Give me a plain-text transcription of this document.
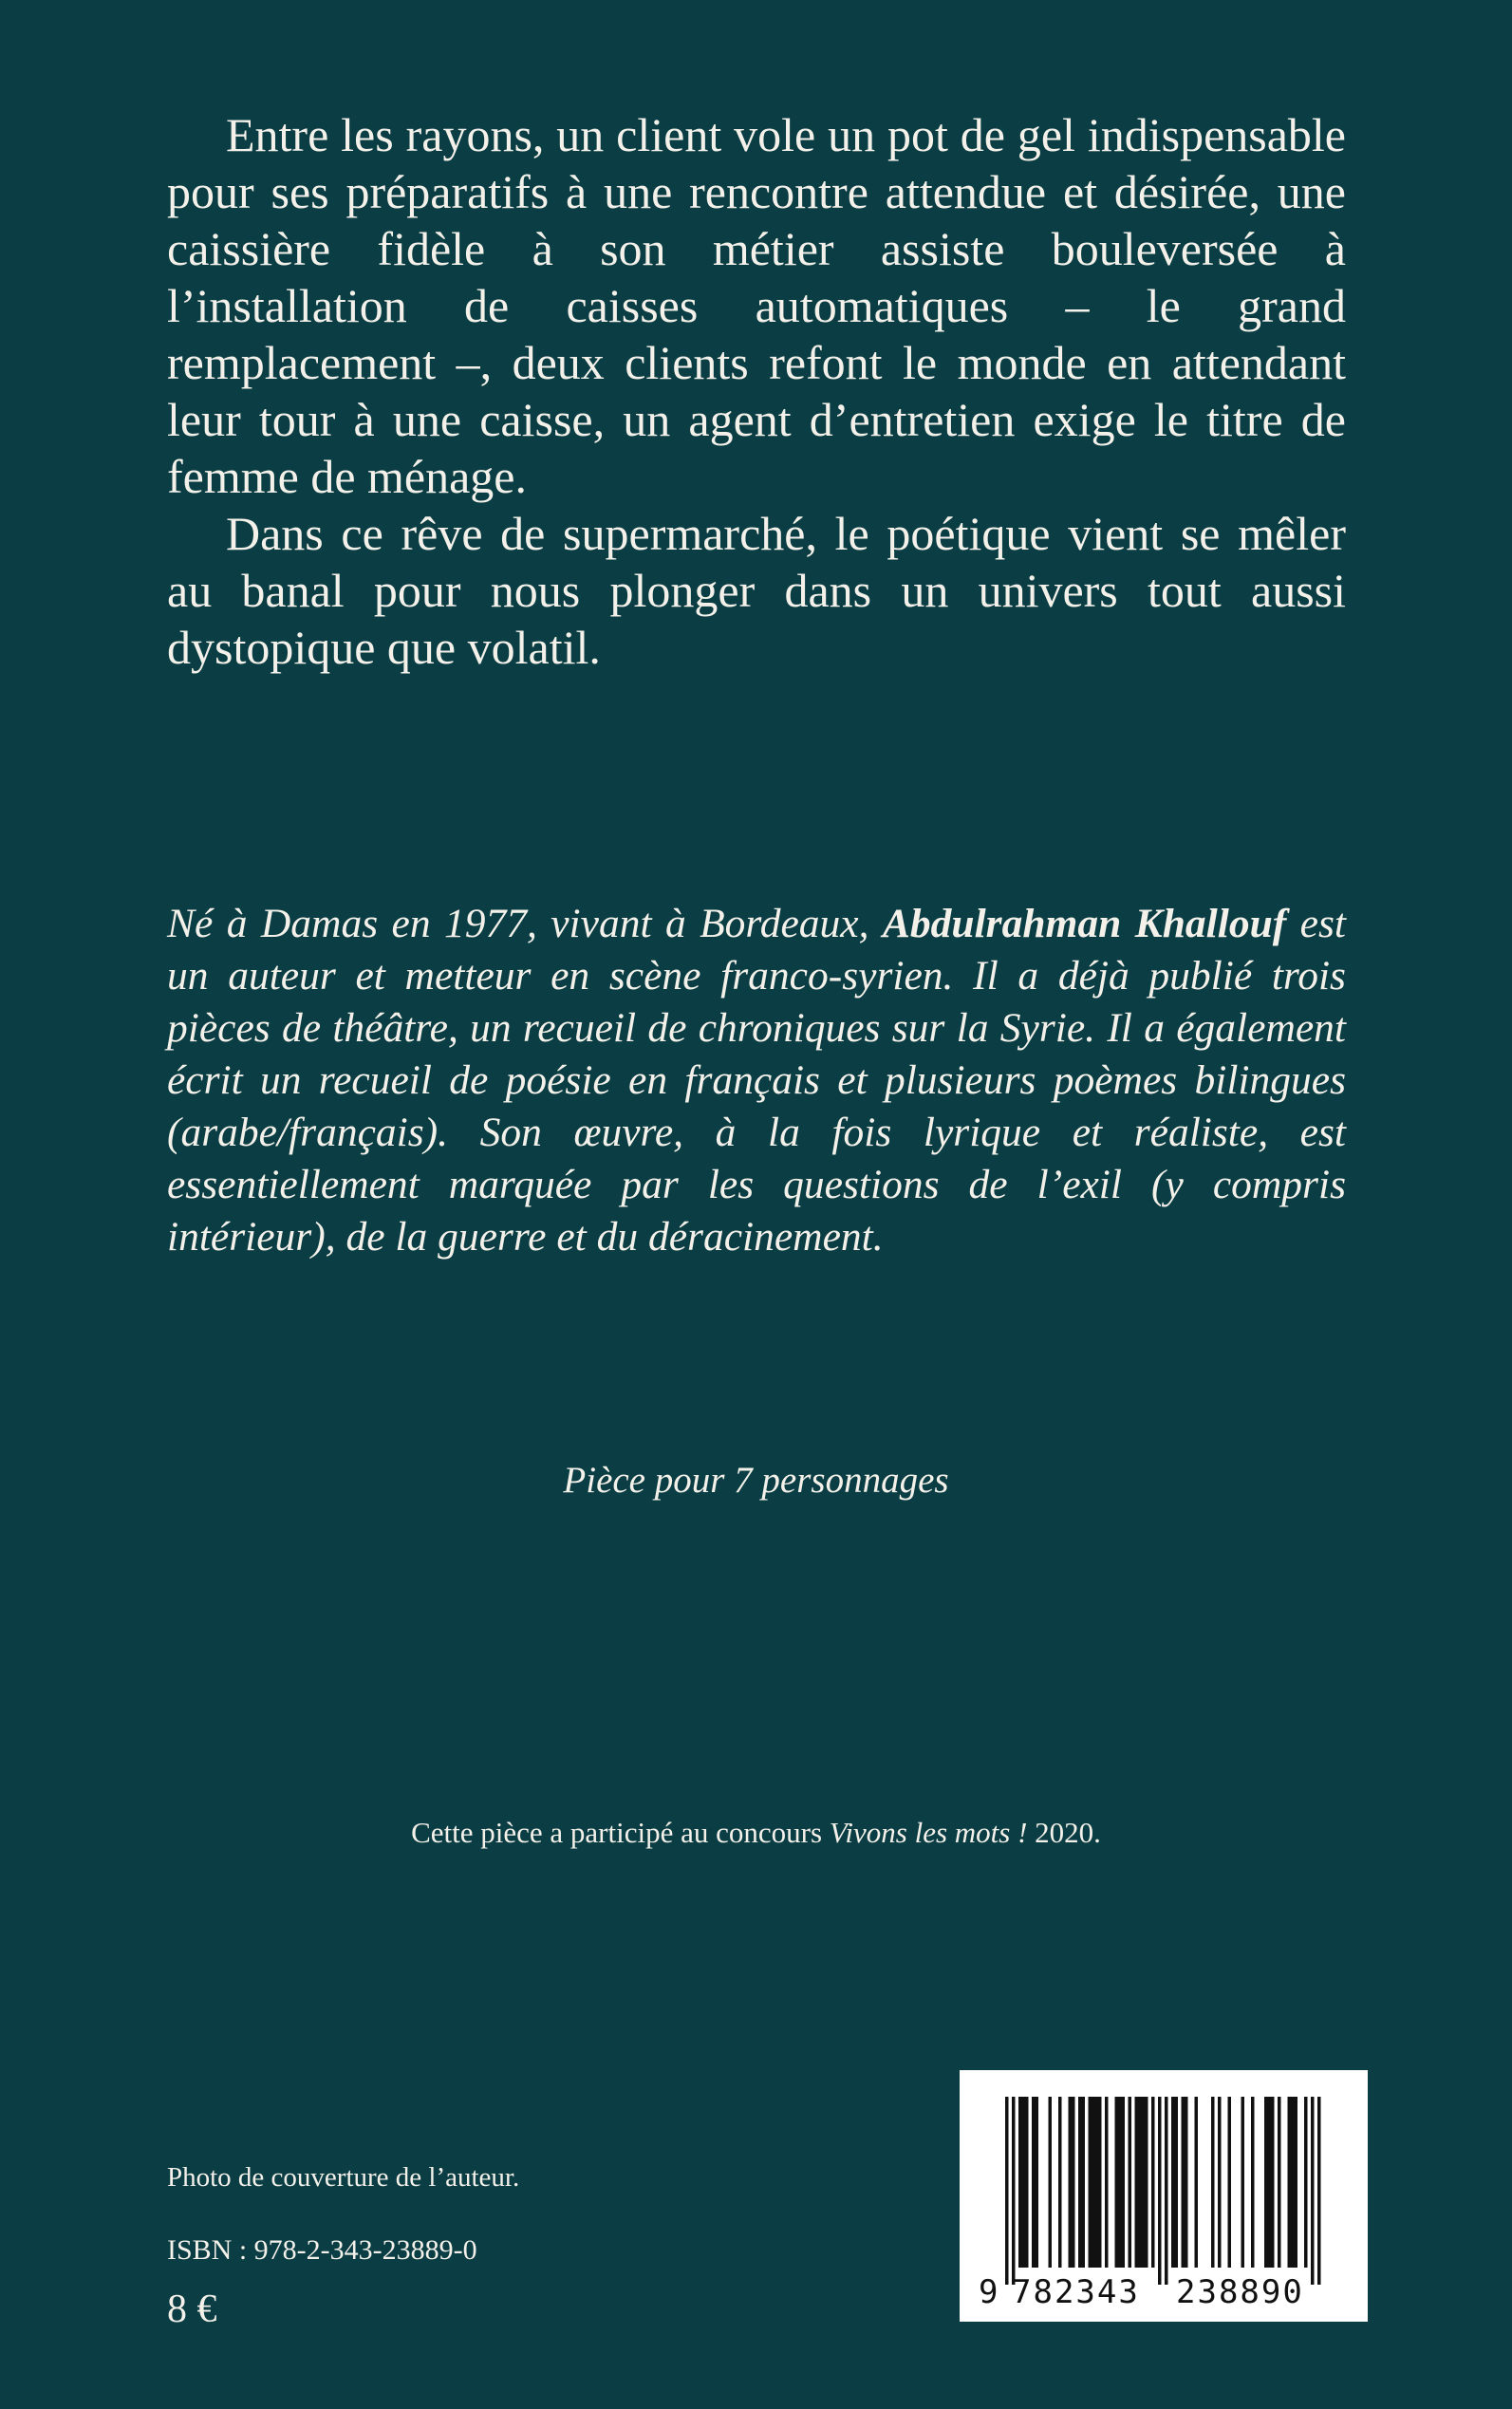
Entre les rayons, un client vole un pot de gel indispensable pour ses préparatifs à une rencontre attendue et désirée, une caissière fidèle à son métier assiste bouleversée à l’installation de caisses automatiques – le grand remplacement –, deux clients refont le monde en attendant leur tour à une caisse, un agent d’entretien exige le titre de femme de ménage.

Dans ce rêve de supermarché, le poétique vient se mêler au banal pour nous plonger dans un univers tout aussi dystopique que volatil.

Né à Damas en 1977, vivant à Bordeaux, Abdulrahman Khallouf est un auteur et metteur en scène franco-syrien. Il a déjà publié trois pièces de théâtre, un recueil de chroniques sur la Syrie. Il a également écrit un recueil de poésie en français et plusieurs poèmes bilingues (arabe/français). Son œuvre, à la fois lyrique et réaliste, est essentiellement marquée par les questions de l’exil (y compris intérieur), de la guerre et du déracinement.
Pièce pour 7 personnages
Cette pièce a participé au concours Vivons les mots ! 2020.
Photo de couverture de l’auteur.
ISBN : 978-2-343-23889-0
8 €	9 782343 238890
